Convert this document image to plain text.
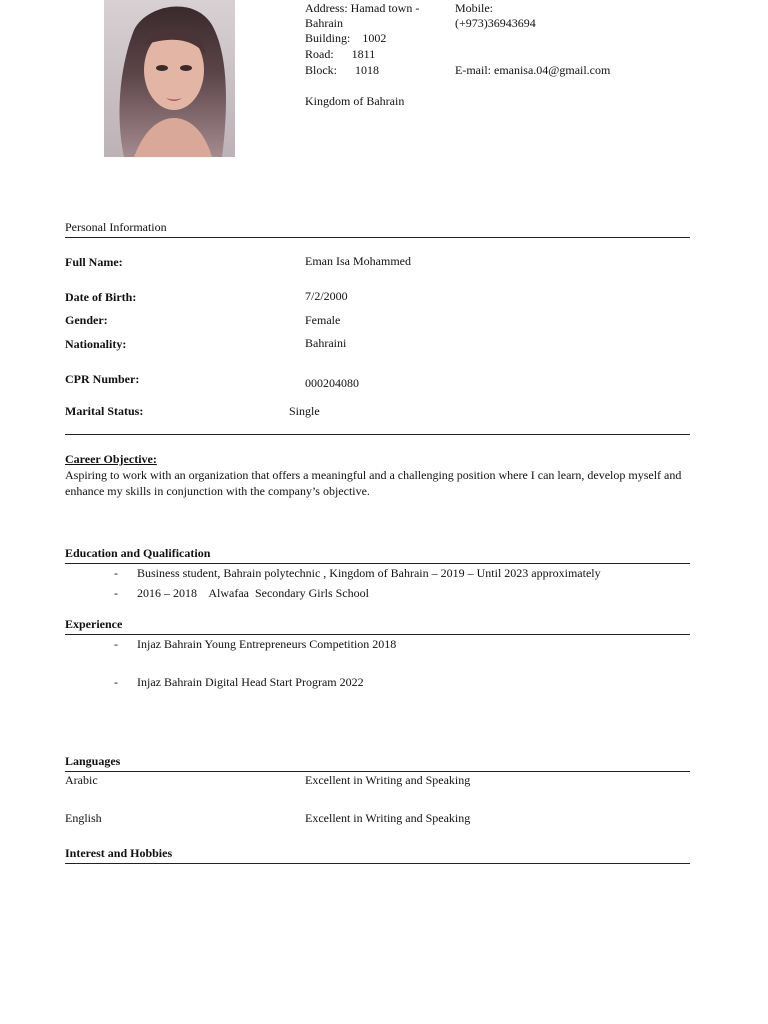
Address: Hamad town -
Bahrain
Building:    1002
Road:      1811
Block:      1018
Kingdom of Bahrain
Mobile:
(+973)36943694
E-mail: emanisa.04@gmail.com
Personal Information
Full Name:	Eman Isa Mohammed
Date of Birth:	7/2/2000
Gender:	Female
Nationality:	Bahraini
CPR Number:	000204080
Marital Status:	Single
Career Objective:
Aspiring to work with an organization that offers a meaningful and a challenging position where I can learn, develop myself and enhance my skills in conjunction with the company’s objective.
Education and Qualification
- Business student, Bahrain polytechnic , Kingdom of Bahrain – 2019 – Until 2023 approximately
- 2016 – 2018    Alwafaa  Secondary Girls School
Experience
- Injaz Bahrain Young Entrepreneurs Competition 2018
- Injaz Bahrain Digital Head Start Program 2022
Languages
Arabic	Excellent in Writing and Speaking
English	Excellent in Writing and Speaking
Interest and Hobbies
